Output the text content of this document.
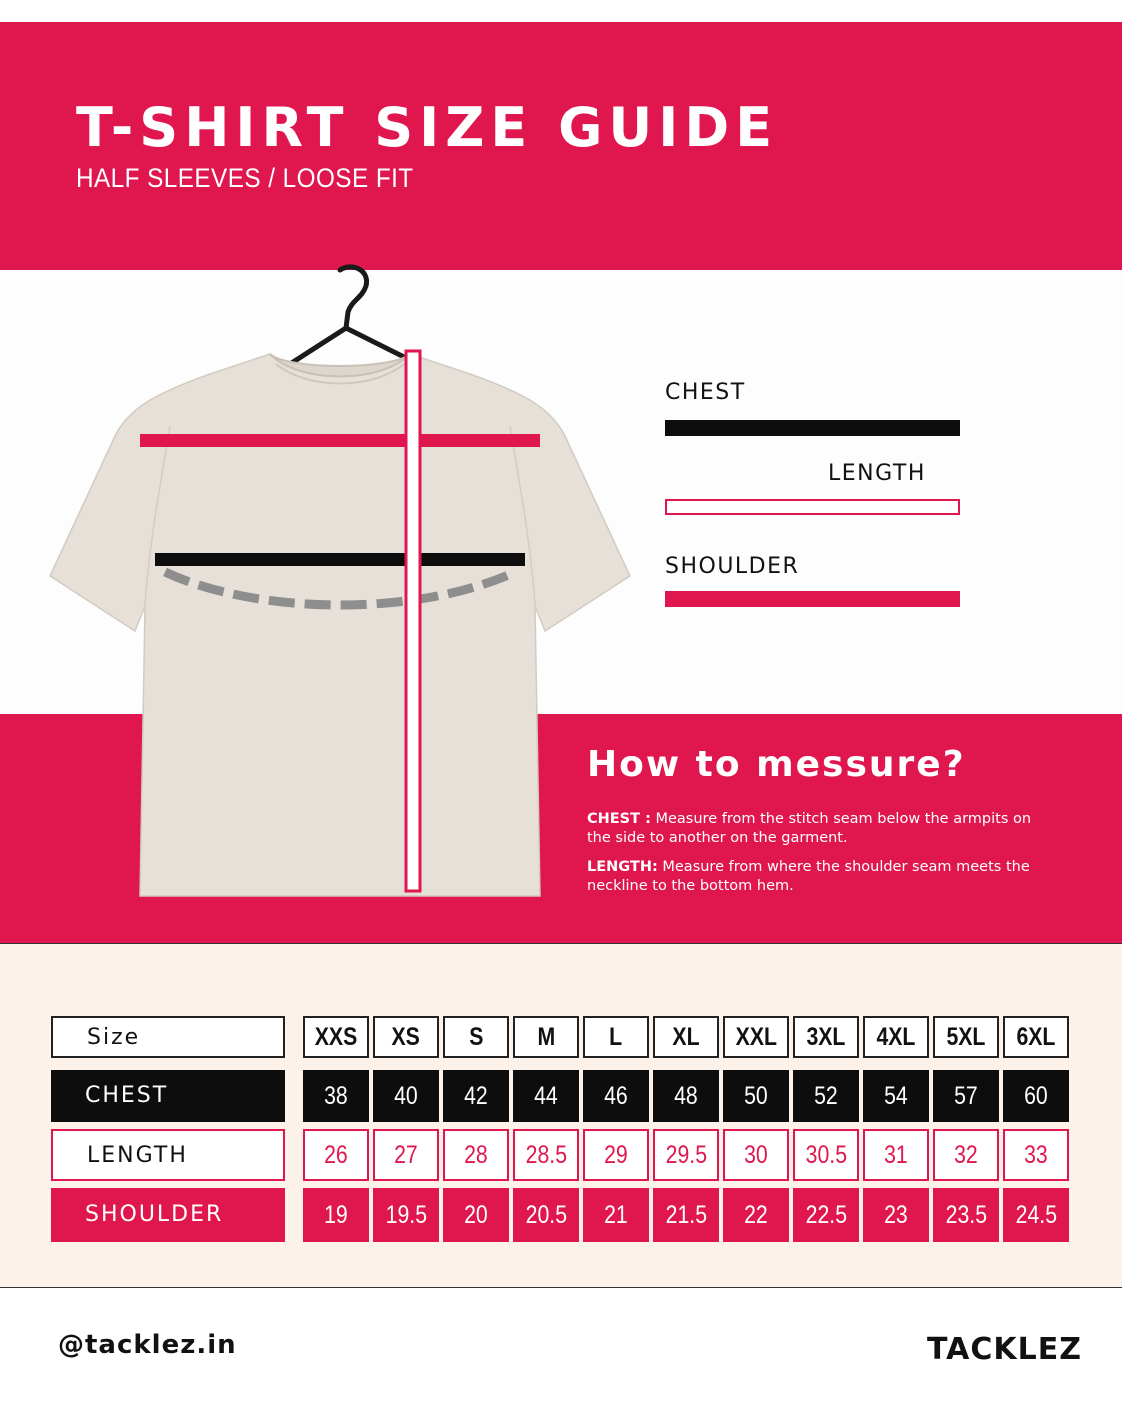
T-SHIRT SIZE GUIDE
HALF SLEEVES / LOOSE FIT
CHEST
LENGTH
SHOULDER
How to messure?
CHEST : Measure from the stitch seam below the armpits on the side to another on the garment.
LENGTH: Measure from where the shoulder seam meets the neckline to the bottom hem.
Size	XXS XS S M L XL XXL 3XL 4XL 5XL 6XL
CHEST	38 40 42 44 46 48 50 52 54 57 60
LENGTH	26 27 28 28.5 29 29.5 30 30.5 31 32 33
SHOULDER	19 19.5 20 20.5 21 21.5 22 22.5 23 23.5 24.5
@tacklez.in	TACKLEZ
